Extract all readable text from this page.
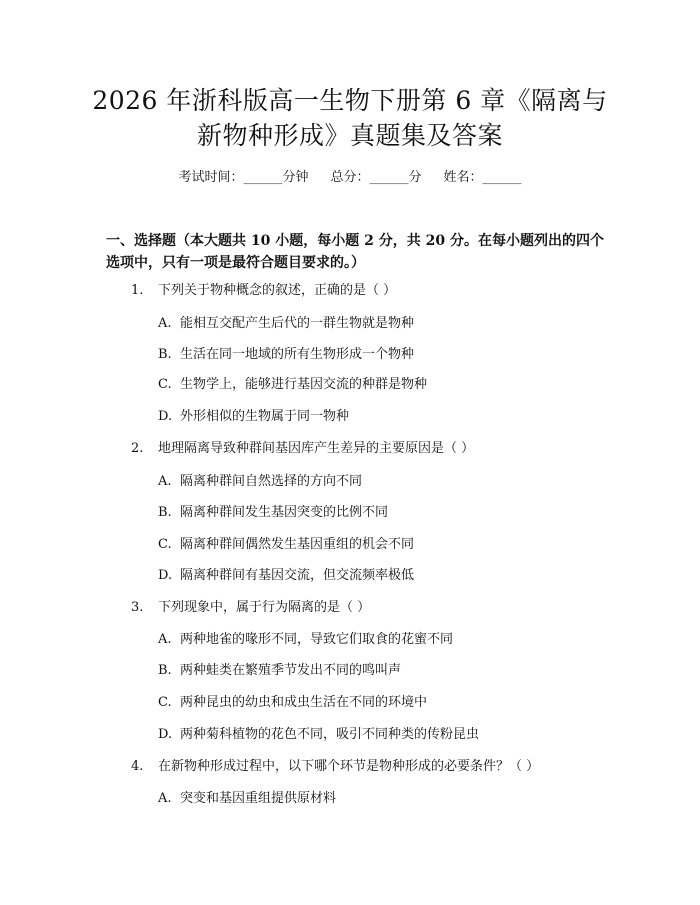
2026 年浙科版高一生物下册第 6 章《隔离与
新物种形成》真题集及答案
考试时间：______分钟 总分：______分 姓名：______
一、选择题（本大题共 10 小题，每小题 2 分，共 20 分。在每小题列出的四个选项中，只有一项是最符合题目要求的。）
1. 下列关于物种概念的叙述，正确的是（ ）
A. 能相互交配产生后代的一群生物就是物种
B. 生活在同一地域的所有生物形成一个物种
C. 生物学上，能够进行基因交流的种群是物种
D. 外形相似的生物属于同一物种
2. 地理隔离导致种群间基因库产生差异的主要原因是（ ）
A. 隔离种群间自然选择的方向不同
B. 隔离种群间发生基因突变的比例不同
C. 隔离种群间偶然发生基因重组的机会不同
D. 隔离种群间有基因交流，但交流频率极低
3. 下列现象中，属于行为隔离的是（ ）
A. 两种地雀的喙形不同，导致它们取食的花蜜不同
B. 两种蛙类在繁殖季节发出不同的鸣叫声
C. 两种昆虫的幼虫和成虫生活在不同的环境中
D. 两种菊科植物的花色不同，吸引不同种类的传粉昆虫
4. 在新物种形成过程中，以下哪个环节是物种形成的必要条件？（ ）
A. 突变和基因重组提供原材料
